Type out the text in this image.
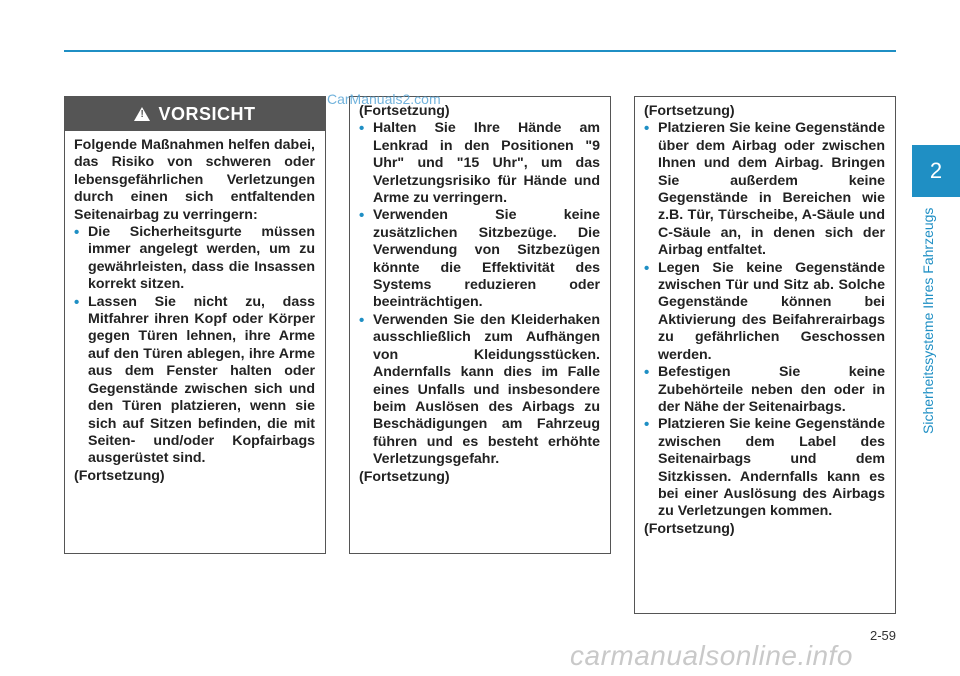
2
Sicherheitssysteme Ihres Fahrzeugs
!
VORSICHT

Folgende Maßnahmen helfen dabei, das Risiko von schweren oder lebensgefährlichen Verletzungen durch einen sich entfaltenden Seitenairbag zu verringern:

• Die Sicherheitsgurte müssen immer angelegt werden, um zu gewährleisten, dass die Insassen korrekt sitzen.

• Lassen Sie nicht zu, dass Mitfahrer ihren Kopf oder Körper gegen Türen lehnen, ihre Arme auf den Türen ablegen, ihre Arme aus dem Fenster halten oder Gegenstände zwischen sich und den Türen platzieren, wenn sie sich auf Sitzen befinden, die mit Seiten- und/oder Kopfairbags ausgerüstet sind.

(Fortsetzung)

(Fortsetzung)

• Halten Sie Ihre Hände am Lenkrad in den Positionen "9 Uhr" und "15 Uhr", um das Verletzungsrisiko für Hände und Arme zu verringern.

• Verwenden Sie keine zusätzlichen Sitzbezüge. Die Verwendung von Sitzbezügen könnte die Effektivität des Systems reduzieren oder beeinträchtigen.

• Verwenden Sie den Kleiderhaken ausschließlich zum Aufhängen von Kleidungsstücken. Andernfalls kann dies im Falle eines Unfalls und insbesondere beim Auslösen des Airbags zu Beschädigungen am Fahrzeug führen und es besteht erhöhte Verletzungsgefahr.

(Fortsetzung)

(Fortsetzung)

• Platzieren Sie keine Gegenstände über dem Airbag oder zwischen Ihnen und dem Airbag. Bringen Sie außerdem keine Gegenstände in Bereichen wie z.B. Tür, Türscheibe, A-Säule und C-Säule an, in denen sich der Airbag entfaltet.

• Legen Sie keine Gegenstände zwischen Tür und Sitz ab. Solche Gegenstände können bei Aktivierung des Beifahrerairbags zu gefährlichen Geschossen werden.

• Befestigen Sie keine Zubehörteile neben den oder in der Nähe der Seitenairbags.

• Platzieren Sie keine Gegenstände zwischen dem Label des Seitenairbags und dem Sitzkissen. Andernfalls kann es bei einer Auslösung des Airbags zu Verletzungen kommen.

(Fortsetzung)

CarManuals2.com
2-59
carmanualsonline.info
